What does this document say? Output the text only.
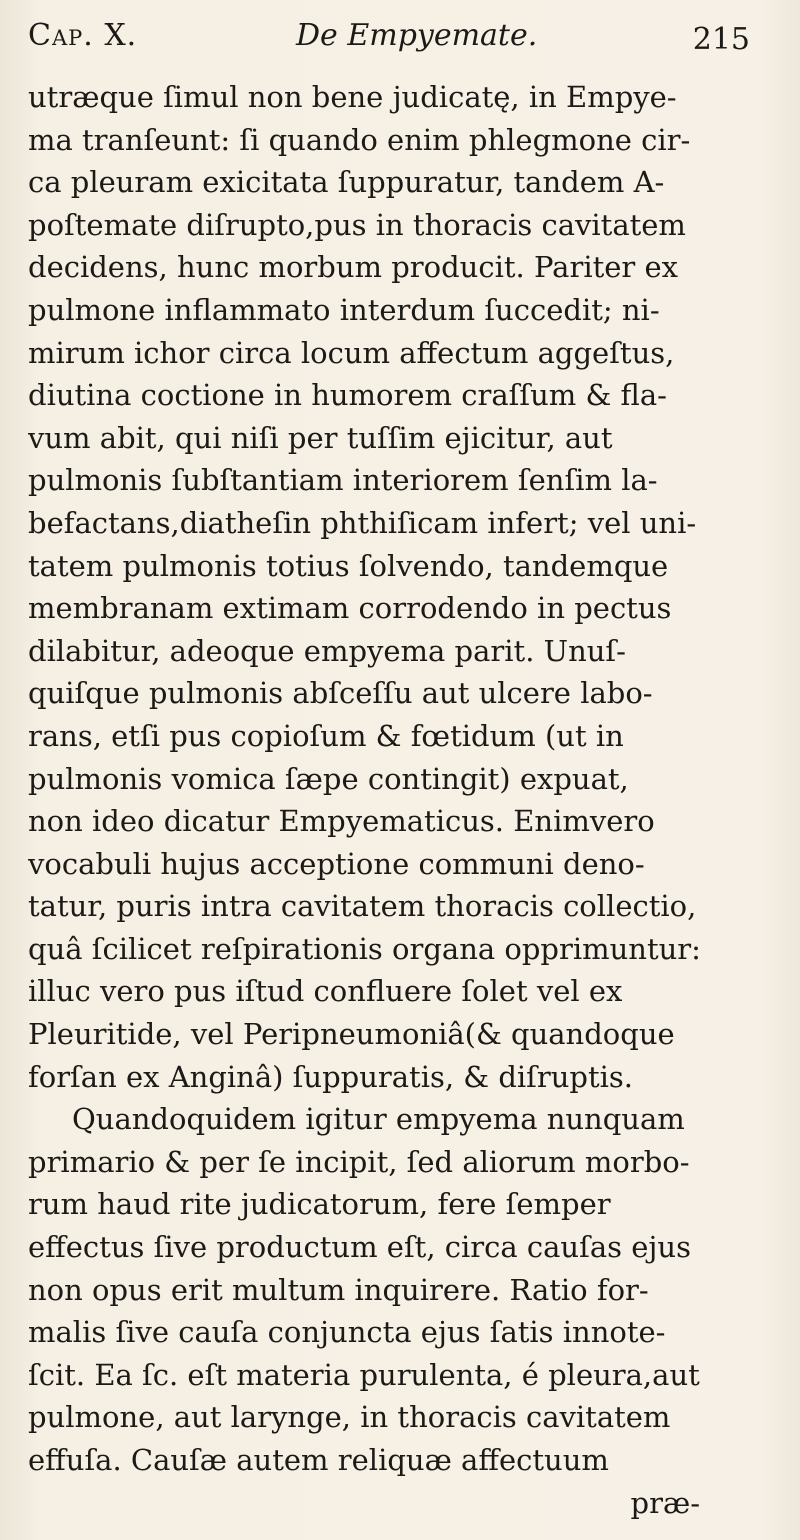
Cap. X.	De Empyemate.	215
utræque ſimul non bene judicatę, in Empye-
ma tranſeunt: ſi quando enim phlegmone cir-
ca pleuram exicitata ſuppuratur, tandem A-
poſtemate diſrupto,pus in thoracis cavitatem
decidens, hunc morbum producit. Pariter ex
pulmone inflammato interdum ſuccedit; ni-
mirum ichor circa locum affectum aggeſtus,
diutina coctione in humorem craſſum & fla-
vum abit, qui niſi per tuſſim ejicitur, aut
pulmonis ſubſtantiam interiorem ſenſim la-
befactans,diatheſin phthiſicam infert; vel uni-
tatem pulmonis totius ſolvendo, tandemque
membranam extimam corrodendo in pectus
dilabitur, adeoque empyema parit. Unuſ-
quiſque pulmonis abſceſſu aut ulcere labo-
rans, etſi pus copioſum & fœtidum (ut in
pulmonis vomica ſæpe contingit) expuat,
non ideo dicatur Empyematicus. Enimvero
vocabuli hujus acceptione communi deno-
tatur, puris intra cavitatem thoracis collectio,
quâ ſcilicet reſpirationis organa opprimuntur:
illuc vero pus iſtud confluere ſolet vel ex
Pleuritide, vel Peripneumoniâ(& quandoque
forſan ex Anginâ) ſuppuratis, & diſruptis.
Quandoquidem igitur empyema nunquam
primario & per ſe incipit, ſed aliorum morbo-
rum haud rite judicatorum, fere ſemper
effectus ſive productum eſt, circa cauſas ejus
non opus erit multum inquirere. Ratio for-
malis ſive cauſa conjuncta ejus ſatis innote-
ſcit. Ea ſc. eſt materia purulenta, é pleura,aut
pulmone, aut larynge, in thoracis cavitatem
effuſa. Cauſæ autem reliquæ affectuum
præ-
